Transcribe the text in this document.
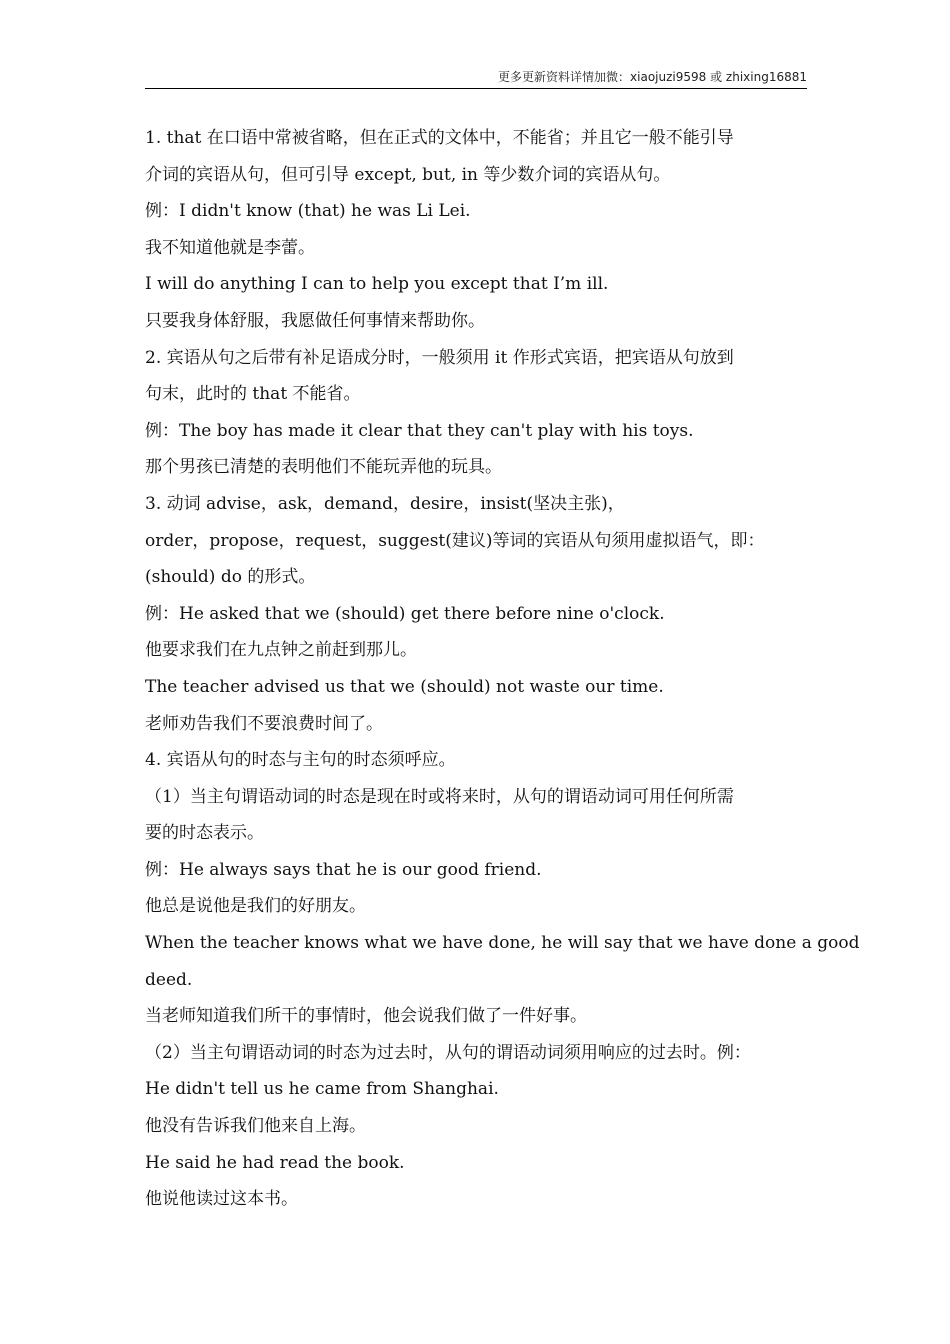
更多更新资料详情加微：xiaojuzi9598 或 zhixing16881
1. that 在口语中常被省略，但在正式的文体中，不能省；并且它一般不能引导
介词的宾语从句，但可引导 except, but, in 等少数介词的宾语从句。
例：I didn't know (that) he was Li Lei.
我不知道他就是李蕾。
I will do anything I can to help you except that I’m ill.
只要我身体舒服，我愿做任何事情来帮助你。
2. 宾语从句之后带有补足语成分时，一般须用 it 作形式宾语，把宾语从句放到
句末，此时的 that 不能省。
例：The boy has made it clear that they can't play with his toys.
那个男孩已清楚的表明他们不能玩弄他的玩具。
3. 动词 advise，ask，demand，desire，insist(坚决主张)，
order，propose，request，suggest(建议)等词的宾语从句须用虚拟语气，即：
(should) do 的形式。
例：He asked that we (should) get there before nine o'clock.
他要求我们在九点钟之前赶到那儿。
The teacher advised us that we (should) not waste our time.
老师劝告我们不要浪费时间了。
4. 宾语从句的时态与主句的时态须呼应。
（1）当主句谓语动词的时态是现在时或将来时，从句的谓语动词可用任何所需
要的时态表示。
例：He always says that he is our good friend.
他总是说他是我们的好朋友。
When the teacher knows what we have done, he will say that we have done a good
deed.
当老师知道我们所干的事情时，他会说我们做了一件好事。
（2）当主句谓语动词的时态为过去时，从句的谓语动词须用响应的过去时。例：
He didn't tell us he came from Shanghai.
他没有告诉我们他来自上海。
He said he had read the book.
他说他读过这本书。
